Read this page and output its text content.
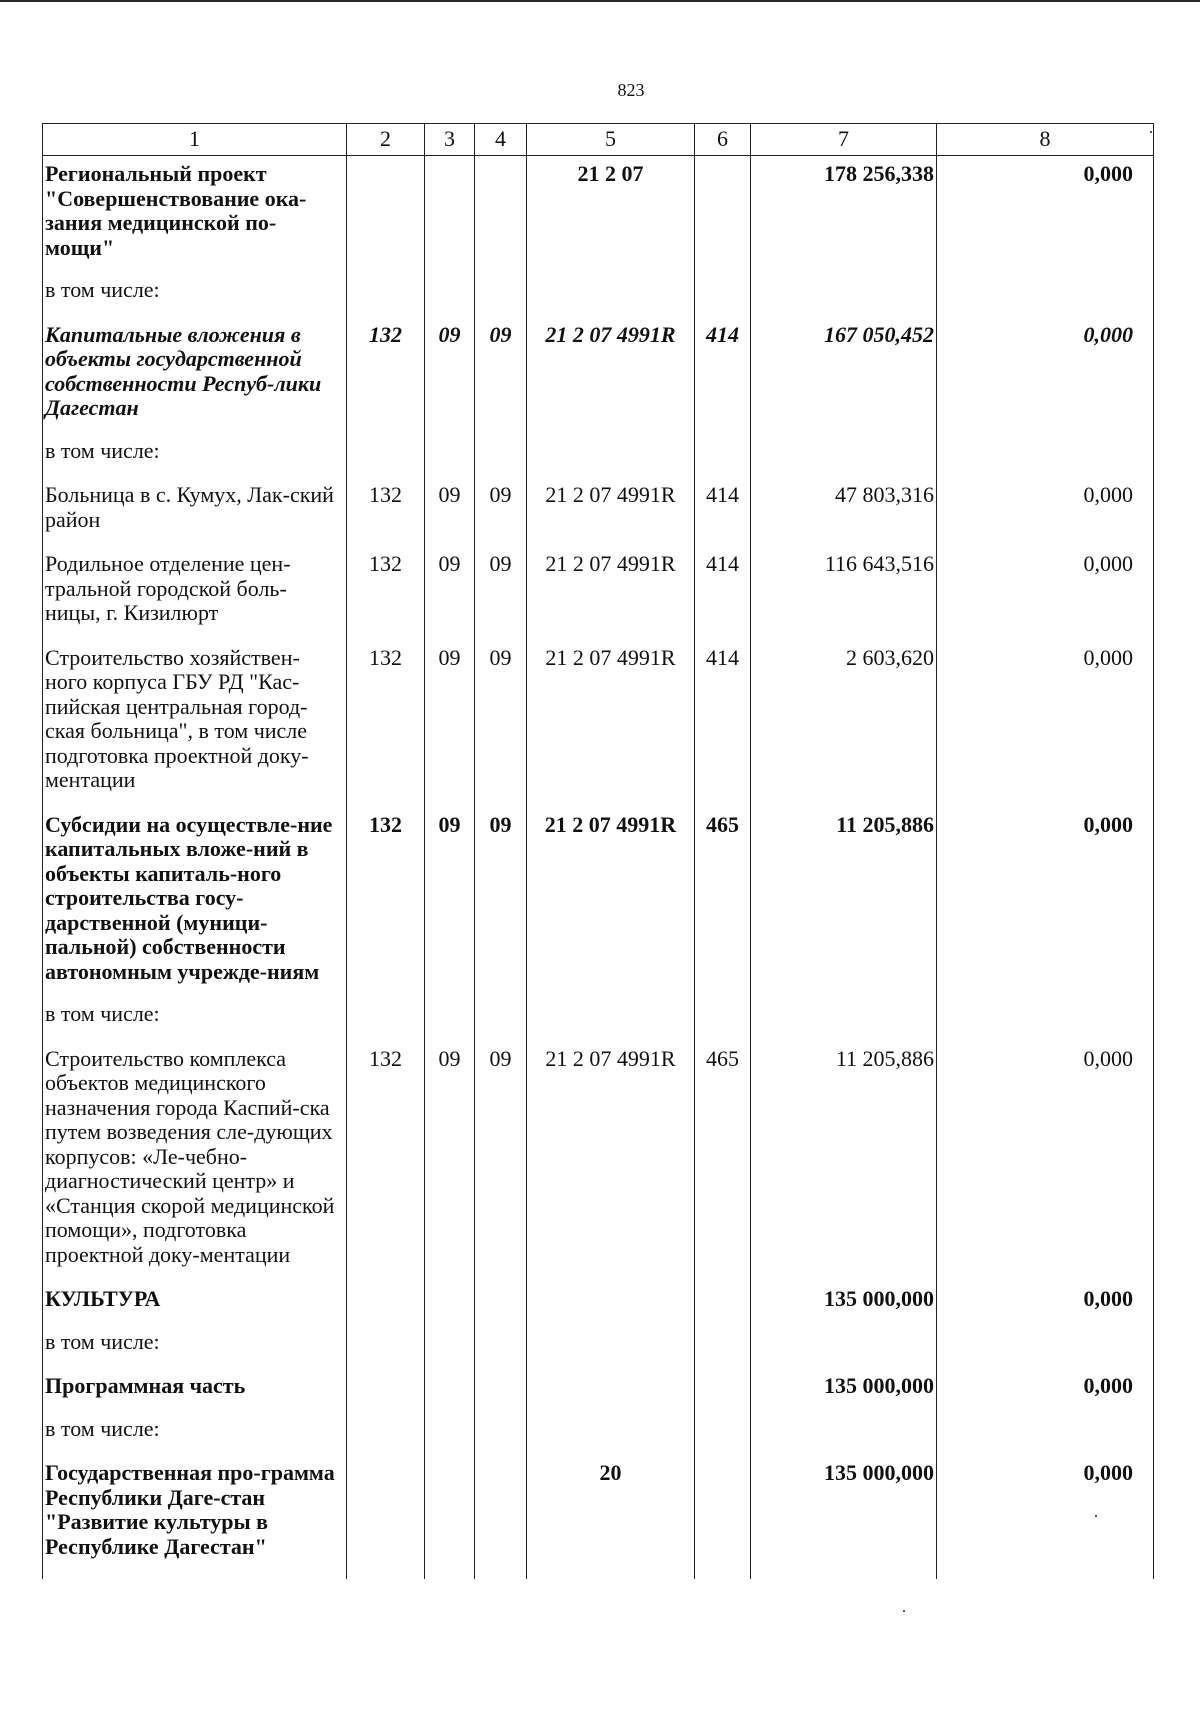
823
1	2	3	4	5	6	7	8
Региональный проект "Совершенствование ока-зания медицинской по-мощи"				21 2 07		178 256,338	0,000
в том числе:							
Капитальные вложения в объекты государственной собственности Респуб-лики Дагестан	132	09	09	21 2 07 4991R	414	167 050,452	0,000
в том числе:							
Больница в с. Кумух, Лак-ский район	132	09	09	21 2 07 4991R	414	47 803,316	0,000
Родильное отделение цен-тральной городской боль-ницы, г. Кизилюрт	132	09	09	21 2 07 4991R	414	116 643,516	0,000
Строительство хозяйствен-ного корпуса ГБУ РД "Кас-пийская центральная город-ская больница", в том числе подготовка проектной доку-ментации	132	09	09	21 2 07 4991R	414	2 603,620	0,000
Субсидии на осуществле-ние капитальных вложе-ний в объекты капиталь-ного строительства госу-дарственной (муници-пальной) собственности автономным учрежде-ниям	132	09	09	21 2 07 4991R	465	11 205,886	0,000
в том числе:							
Строительство комплекса объектов медицинского назначения города Каспий-ска путем возведения сле-дующих корпусов: «Ле-чебно-диагностический центр» и «Станция скорой медицинской помощи», подготовка проектной доку-ментации	132	09	09	21 2 07 4991R	465	11 205,886	0,000
КУЛЬТУРА						135 000,000	0,000
в том числе:							
Программная часть						135 000,000	0,000
в том числе:							
Государственная про-грамма Республики Даге-стан "Развитие культуры в Республике Дагестан"				20		135 000,000	0,000
